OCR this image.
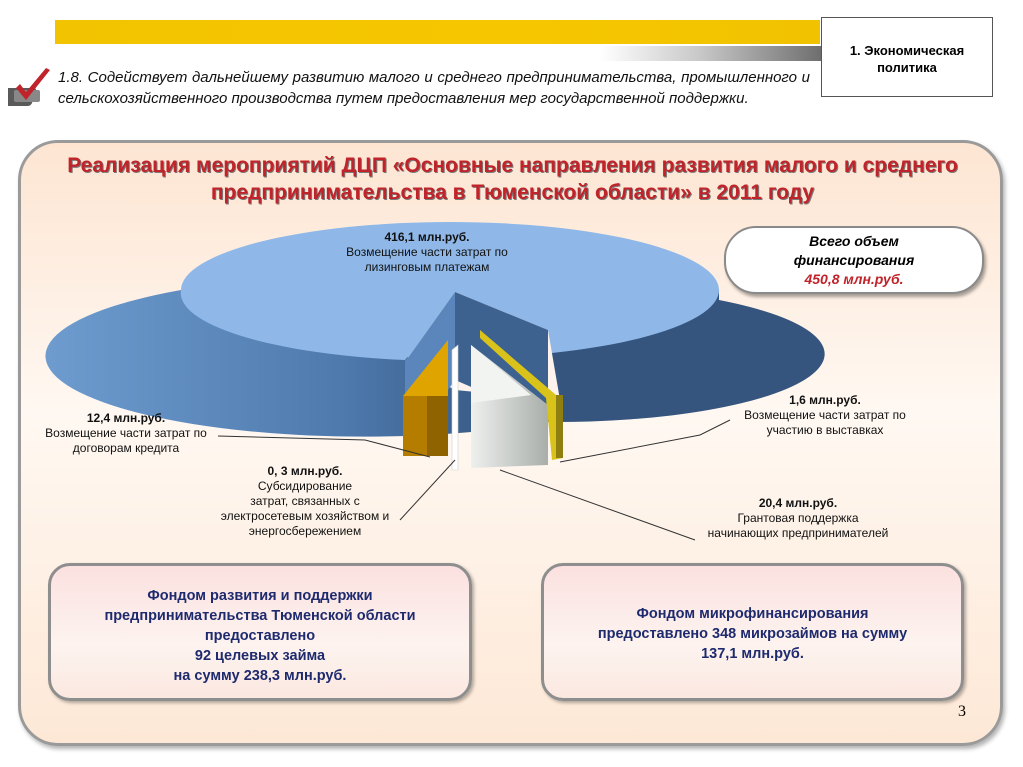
1. Экономическая политика
1.8. Содействует дальнейшему развитию малого и среднего предпринимательства, промышленного и сельскохозяйственного производства путем предоставления мер государственной поддержки.
Реализация мероприятий ДЦП «Основные направления развития малого и среднего предпринимательства в Тюменской области» в 2011 году
Всего объем
финансирования
450,8 млн.руб.
416,1 млн.руб.
Возмещение части затрат по
лизинговым платежам
12,4 млн.руб.
Возмещение части затрат по
договорам кредита
0, 3 млн.руб.
Субсидирование
затрат, связанных с
электросетевым хозяйством и
энергосбережением
1,6 млн.руб.
Возмещение части затрат по
участию в выставках
20,4 млн.руб.
Грантовая поддержка
начинающих предпринимателей
Фондом развития и поддержки
предпринимательства Тюменской области
предоставлено
92 целевых займа
на сумму 238,3 млн.руб.
Фондом микрофинансирования
предоставлено 348 микрозаймов на сумму
137,1 млн.руб.
3
